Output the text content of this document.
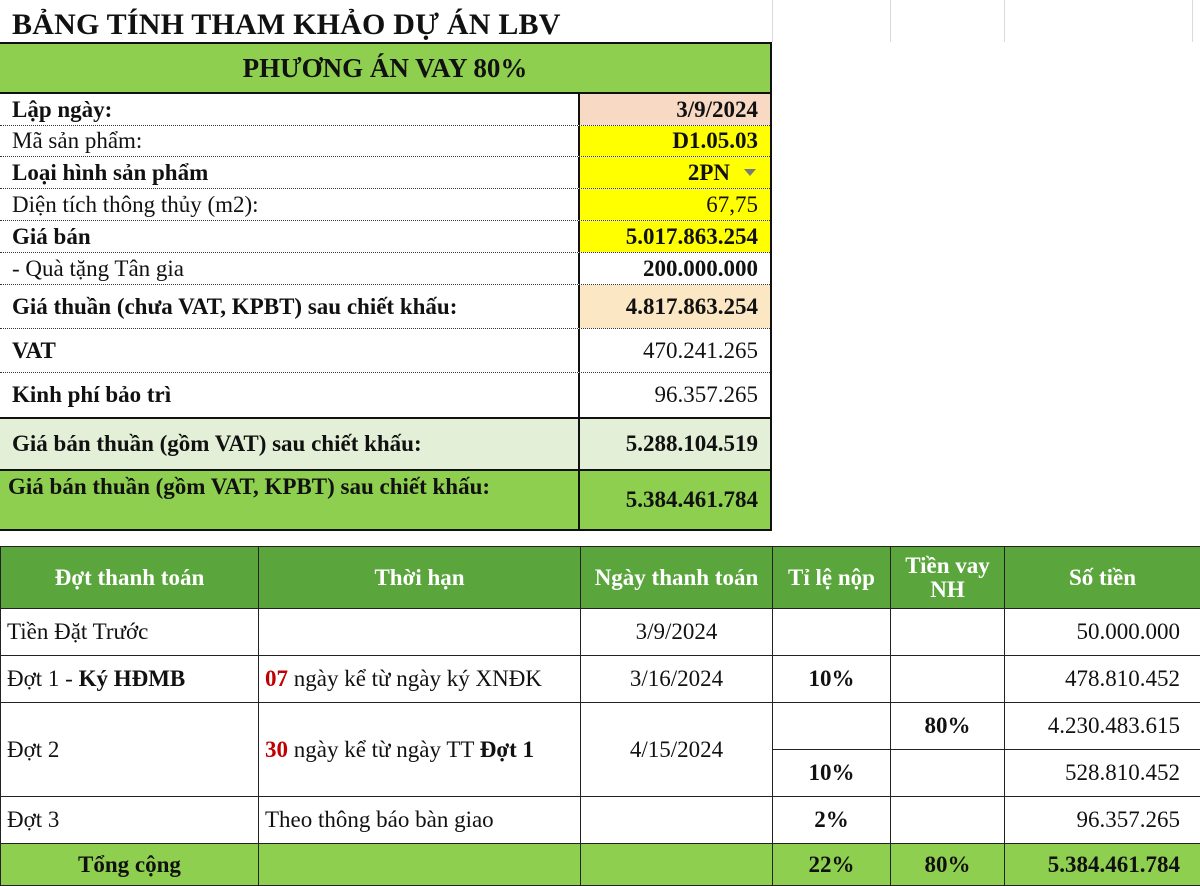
BẢNG TÍNH THAM KHẢO DỰ ÁN LBV
PHƯƠNG ÁN VAY 80%
Lập ngày:	3/9/2024
Mã sản phẩm:	D1.05.03
Loại hình sản phẩm	2PN
Diện tích thông thủy (m2):	67,75
Giá bán	5.017.863.254
- Quà tặng Tân gia	200.000.000
Giá thuần (chưa VAT, KPBT) sau chiết khấu:	4.817.863.254
VAT	470.241.265
Kinh phí bảo trì	96.357.265
Giá bán thuần (gồm VAT) sau chiết khấu:	5.288.104.519
Giá bán thuần (gồm VAT, KPBT) sau chiết khấu:
5.384.461.784
Đợt thanh toán	Thời hạn	Ngày thanh toán	Tỉ lệ nộp	Tiền vay NH	Số tiền
Tiền Đặt Trước		3/9/2024			50.000.000
Đợt 1 - Ký HĐMB	07 ngày kể từ ngày ký XNĐK	3/16/2024	10%		478.810.452
Đợt 2	30 ngày kể từ ngày TT Đợt 1	4/15/2024		80%	4.230.483.615
			10%		528.810.452
Đợt 3	Theo thông báo bàn giao		2%		96.357.265
Tổng cộng			22%	80%	5.384.461.784
